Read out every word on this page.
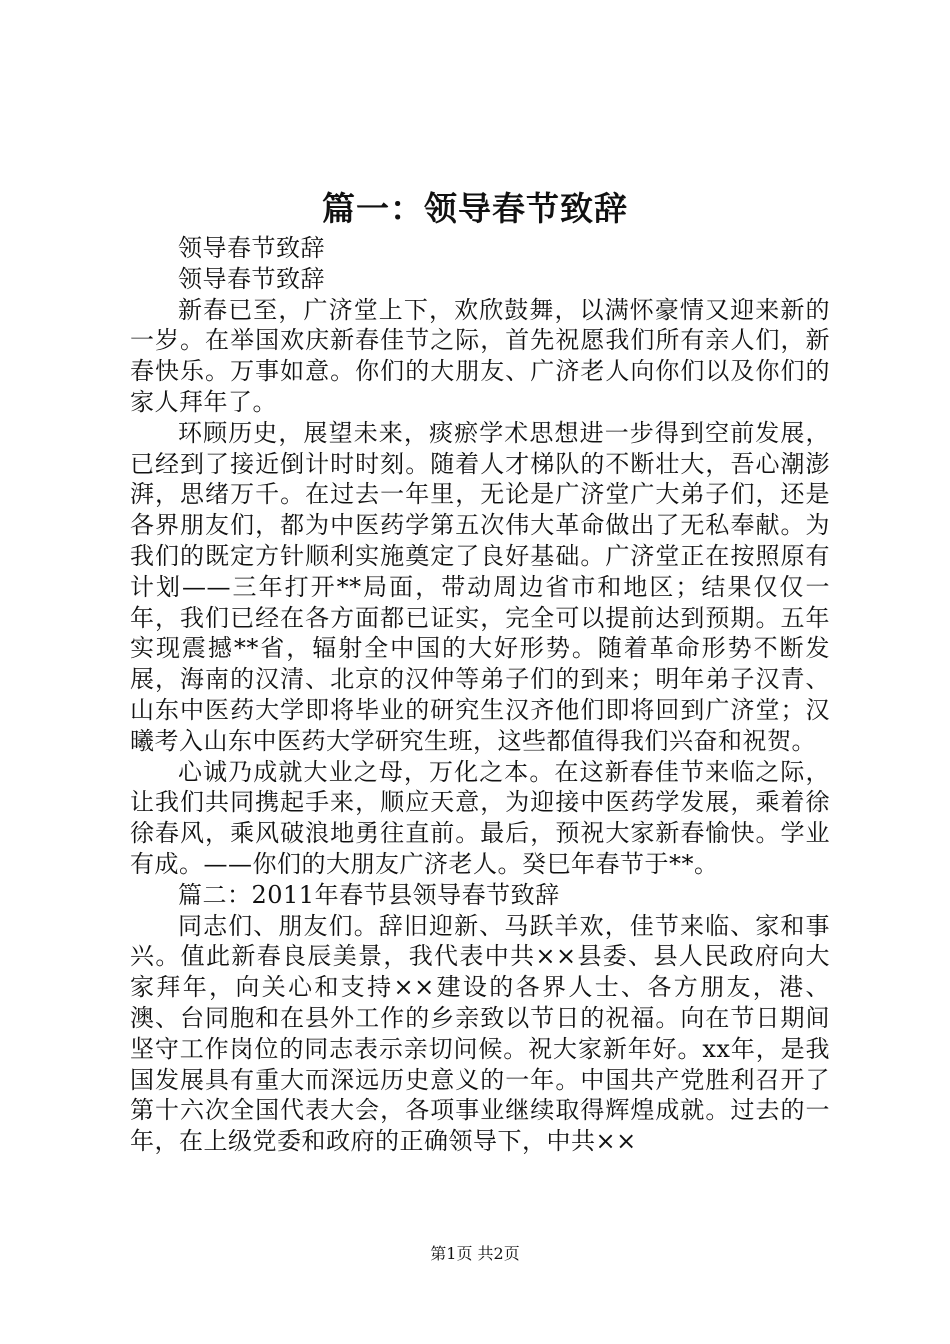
篇一：领导春节致辞

领导春节致辞

领导春节致辞

新春已至，广济堂上下，欢欣鼓舞，以满怀豪情又迎来新的一岁。在举国欢庆新春佳节之际，首先祝愿我们所有亲人们，新春快乐。万事如意。你们的大朋友、广济老人向你们以及你们的家人拜年了。

环顾历史，展望未来，痰瘀学术思想进一步得到空前发展，已经到了接近倒计时时刻。随着人才梯队的不断壮大，吾心潮澎湃，思绪万千。在过去一年里，无论是广济堂广大弟子们，还是各界朋友们，都为中医药学第五次伟大革命做出了无私奉献。为我们的既定方针顺利实施奠定了良好基础。广济堂正在按照原有计划——三年打开**局面，带动周边省市和地区；结果仅仅一年，我们已经在各方面都已证实，完全可以提前达到预期。五年实现震撼**省，辐射全中国的大好形势。随着革命形势不断发展，海南的汉清、北京的汉仲等弟子们的到来；明年弟子汉青、山东中医药大学即将毕业的研究生汉齐他们即将回到广济堂；汉曦考入山东中医药大学研究生班，这些都值得我们兴奋和祝贺。

心诚乃成就大业之母，万化之本。在这新春佳节来临之际，让我们共同携起手来，顺应天意，为迎接中医药学发展，乘着徐徐春风，乘风破浪地勇往直前。最后，预祝大家新春愉快。学业有成。——你们的大朋友广济老人。癸巳年春节于**。

篇二：2011年春节县领导春节致辞

同志们、朋友们。辞旧迎新、马跃羊欢，佳节来临、家和事兴。值此新春良辰美景，我代表中共××县委、县人民政府向大家拜年，向关心和支持××建设的各界人士、各方朋友，港、澳、台同胞和在县外工作的乡亲致以节日的祝福。向在节日期间坚守工作岗位的同志表示亲切问候。祝大家新年好。xx年，是我国发展具有重大而深远历史意义的一年。中国共产党胜利召开了第十六次全国代表大会，各项事业继续取得辉煌成就。过去的一年，在上级党委和政府的正确领导下，中共××

第1页 共2页
